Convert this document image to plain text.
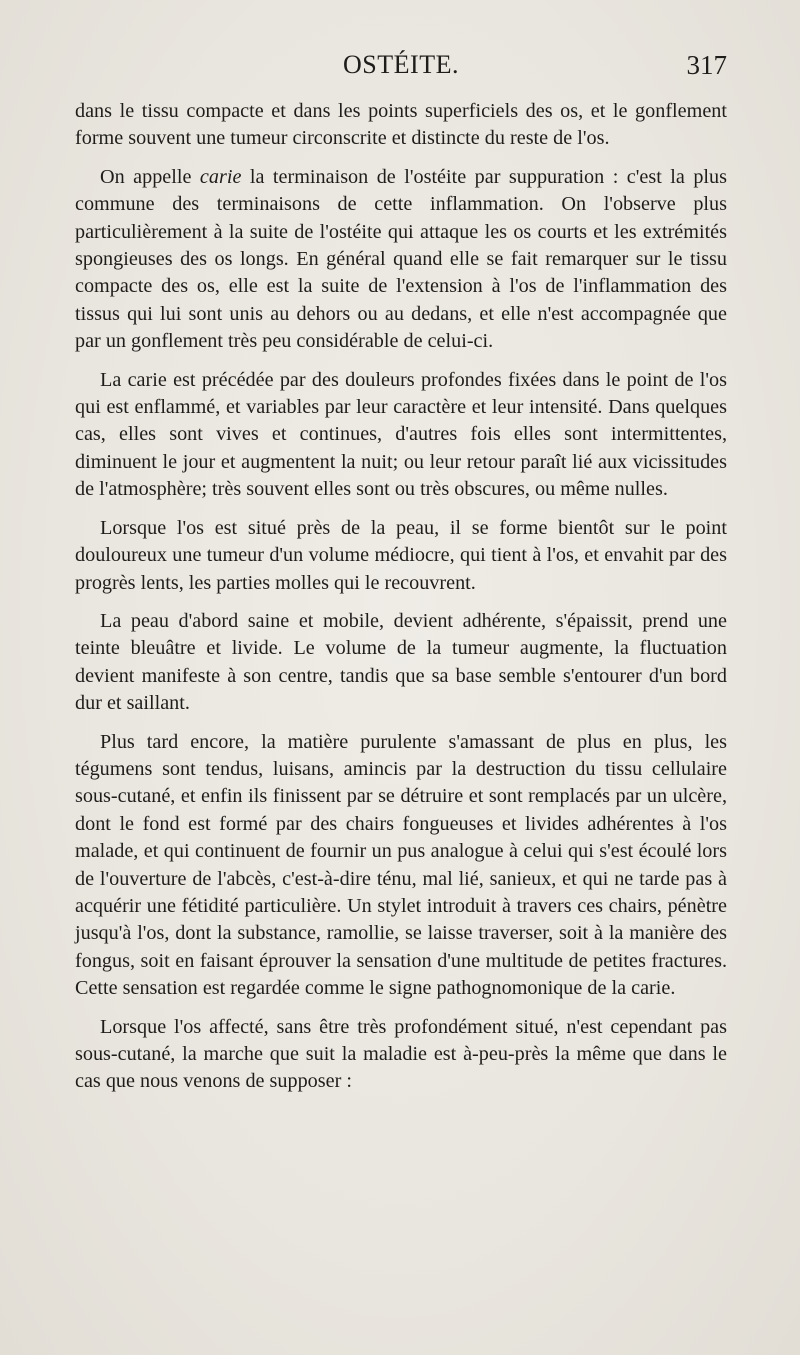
OSTÉITE.	317

dans le tissu compacte et dans les points superficiels des os, et le gonflement forme souvent une tumeur circonscrite et distincte du reste de l'os.

On appelle carie la terminaison de l'ostéite par suppuration : c'est la plus commune des terminaisons de cette inflammation. On l'observe plus particulièrement à la suite de l'ostéite qui attaque les os courts et les extrémités spongieuses des os longs. En général quand elle se fait remarquer sur le tissu compacte des os, elle est la suite de l'extension à l'os de l'inflammation des tissus qui lui sont unis au dehors ou au dedans, et elle n'est accompagnée que par un gonflement très peu considérable de celui-ci.

La carie est précédée par des douleurs profondes fixées dans le point de l'os qui est enflammé, et variables par leur caractère et leur intensité. Dans quelques cas, elles sont vives et continues, d'autres fois elles sont intermittentes, diminuent le jour et augmentent la nuit; ou leur retour paraît lié aux vicissitudes de l'atmosphère; très souvent elles sont ou très obscures, ou même nulles.

Lorsque l'os est situé près de la peau, il se forme bientôt sur le point douloureux une tumeur d'un volume médiocre, qui tient à l'os, et envahit par des progrès lents, les parties molles qui le recouvrent.

La peau d'abord saine et mobile, devient adhérente, s'épaissit, prend une teinte bleuâtre et livide. Le volume de la tumeur augmente, la fluctuation devient manifeste à son centre, tandis que sa base semble s'entourer d'un bord dur et saillant.

Plus tard encore, la matière purulente s'amassant de plus en plus, les tégumens sont tendus, luisans, amincis par la destruction du tissu cellulaire sous-cutané, et enfin ils finissent par se détruire et sont remplacés par un ulcère, dont le fond est formé par des chairs fongueuses et livides adhérentes à l'os malade, et qui continuent de fournir un pus analogue à celui qui s'est écoulé lors de l'ouverture de l'abcès, c'est-à-dire ténu, mal lié, sanieux, et qui ne tarde pas à acquérir une fétidité particulière. Un stylet introduit à travers ces chairs, pénètre jusqu'à l'os, dont la substance, ramollie, se laisse traverser, soit à la manière des fongus, soit en faisant éprouver la sensation d'une multitude de petites fractures. Cette sensation est regardée comme le signe pathognomonique de la carie.

Lorsque l'os affecté, sans être très profondément situé, n'est cependant pas sous-cutané, la marche que suit la maladie est à-peu-près la même que dans le cas que nous venons de supposer :
